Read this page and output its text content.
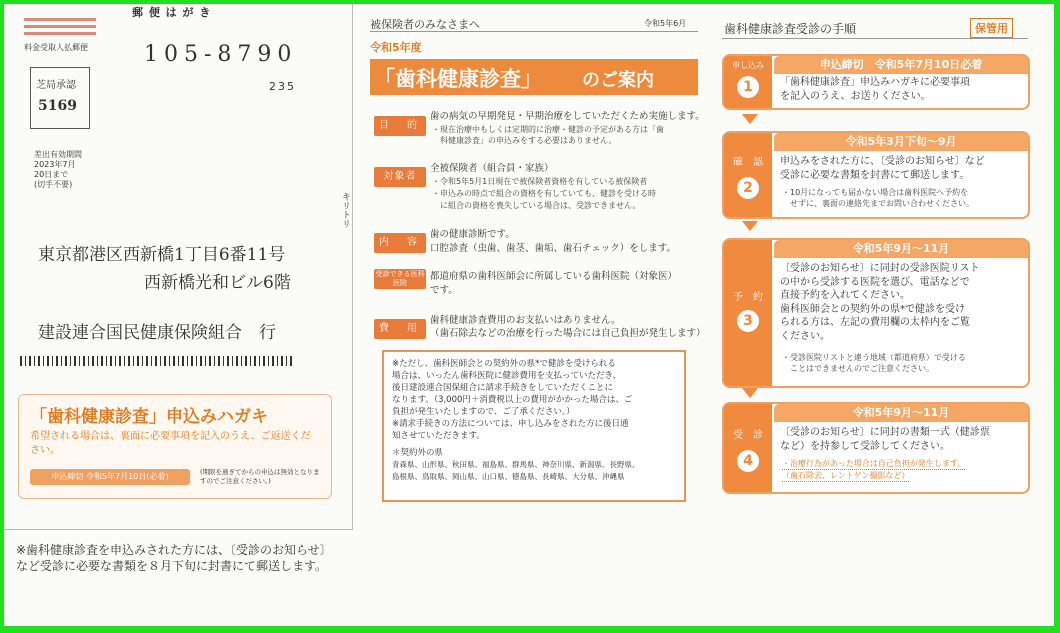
料金受取人払郵便
芝局承認
5169
郵 便 は が き
105-8790
235
差出有効期間
2023年7月
20日まで
(切手不要)
東京都港区西新橋1丁目6番11号
西新橋光和ビル6階
建設連合国民健康保険組合　行
キリトリ
「歯科健康診査」申込みハガキ
希望される場合は、裏面に必要事項を記入のうえ、ご返送ください。
申込締切 令和5年7月10日(必着)	(期限を過ぎてからの申込は無効となりますのでご注意ください。)
※歯科健康診査を申込みされた方には、〔受診のお知らせ〕など受診に必要な書類を８月下旬に封書にて郵送します。
被保険者のみなさまへ	令和5年6月
令和5年度
「歯科健康診査」 のご案内
目　的
歯の病気の早期発見・早期治療をしていただくため実施します。
・現在治療中もしくは定期的に治療・健診の予定がある方は「歯
　科健康診査」の申込みをする必要はありません。
対象者
全被保険者（組合員・家族）
・令和5年5月1日現在で被保険者資格を有している被保険者
・申込みの時点で組合の資格を有していても、健診を受ける時
　に組合の資格を喪失している場合は、受診できません。
内　容
歯の健康診断です。
口腔診査（虫歯、歯茎、歯垢、歯石チェック）をします。
受診できる医科医院
都道府県の歯科医師会に所属している歯科医院（対象医）
です。
費　用
歯科健康診査費用のお支払いはありません。
（歯石除去などの治療を行った場合には自己負担が発生します）
※ただし、歯科医師会との契約外の県*で健診を受けられる
場合は、いったん歯科医院に健診費用を支払っていただき、
後日建設連合国保組合に請求手続きをしていただくことに
なります。（3,000円＋消費税以上の費用がかかった場合は、ご
負担が発生いたしますので、ご了承ください。）
※請求手続きの方法については、申し込みをされた方に後日通
知させていただきます。
＊契約外の県
青森県、山形県、秋田県、福島県、群馬県、神奈川県、新潟県、長野県、
島根県、鳥取県、岡山県、山口県、徳島県、長崎県、大分県、沖縄県
歯科健康診査受診の手順	保管用
申し込み
1
申込締切　令和5年7月10日必着
「歯科健康診査」申込みハガキに必要事項
を記入のうえ、お送りください。
確　認
2
令和5年3月下旬～9月
申込みをされた方に、〔受診のお知らせ〕など
受診に必要な書類を封書にて郵送します。
・10月になっても届かない場合は歯科医院へ予約を
　せずに、裏面の連絡先までお問い合わせください。
予　約
3
令和5年9月～11月
〔受診のお知らせ〕に同封の受診医院リスト
の中から受診する医院を選び、電話などで
直接予約を入れてください。
歯科医師会との契約外の県*で健診を受け
られる方は、左記の費用欄の太枠内をご覧
ください。
・受診医院リストと違う地域（都道府県）で受ける
　ことはできませんのでご注意ください。
受　診
4
令和5年9月～11月
〔受診のお知らせ〕に同封の書類一式（健診票
など）を持参して受診してください。
・治療行為があった場合は自己負担が発生します。 （歯石除去、レントゲン撮影など）
